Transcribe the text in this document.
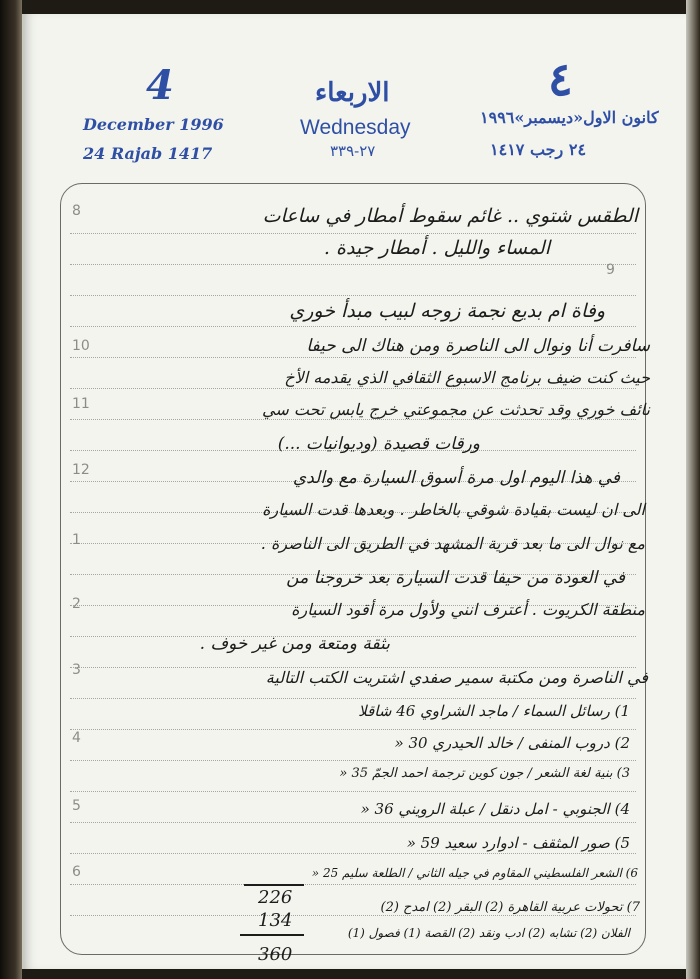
4	٤
الاربعاء
Wednesday
٢٧-٣٣٩
December 1996
24 Rajab 1417
كانون الاول«ديسمبر»١٩٩٦
٢٤ رجب ١٤١٧
8
9
10
11
12
1
2
3
4
5
6
الطقس شتوي .. غائم سقوط أمطار في ساعات
المساء والليل . أمطار جيدة .
وفاة ام بديع نجمة زوجه لبيب مبدأ خوري
سافرت أنا ونوال الى الناصرة ومن هناك الى حيفا
حيث كنت ضيف برنامج الاسبوع الثقافي الذي يقدمه الأخ
نائف خوري وقد تحدثت عن مجموعتي خرج يابس تحت سي
ورقات قصيدة (وديوانيات ...)
في هذا اليوم اول مرة أسوق السيارة مع والدي
الى ان ليست بقيادة شوقي بالخاطر . وبعدها قدت السيارة
مع نوال الى ما بعد قرية المشهد في الطريق الى الناصرة .
في العودة من حيفا قدت السيارة بعد خروجنا من
منطقة الكريوت . أعترف انني ولأول مرة أقود السيارة
بثقة ومتعة ومن غير خوف .
في الناصرة ومن مكتبة سمير صفدي اشتريت الكتب التالية
1) رسائل السماء / ماجد الشراوي 46 شاقلا
2) دروب المنفى / خالد الحيدري 30 «
3) بنية لغة الشعر / جون كوين ترجمة احمد الجمّ 35 «
4) الجنوبي - امل دنقل / عبلة الرويني 36 «
5) صور المثقف - ادوارد سعيد 59 «
6) الشعر الفلسطيني المقاوم في جيله الثاني / الطلعة سليم 25 «
7) تحولات عربية القاهرة (2) البقر (2) امدح (2)
الفلان (2) تشابه (2) ادب ونقد (2) القصة (1) فصول (1)
226
134
360
